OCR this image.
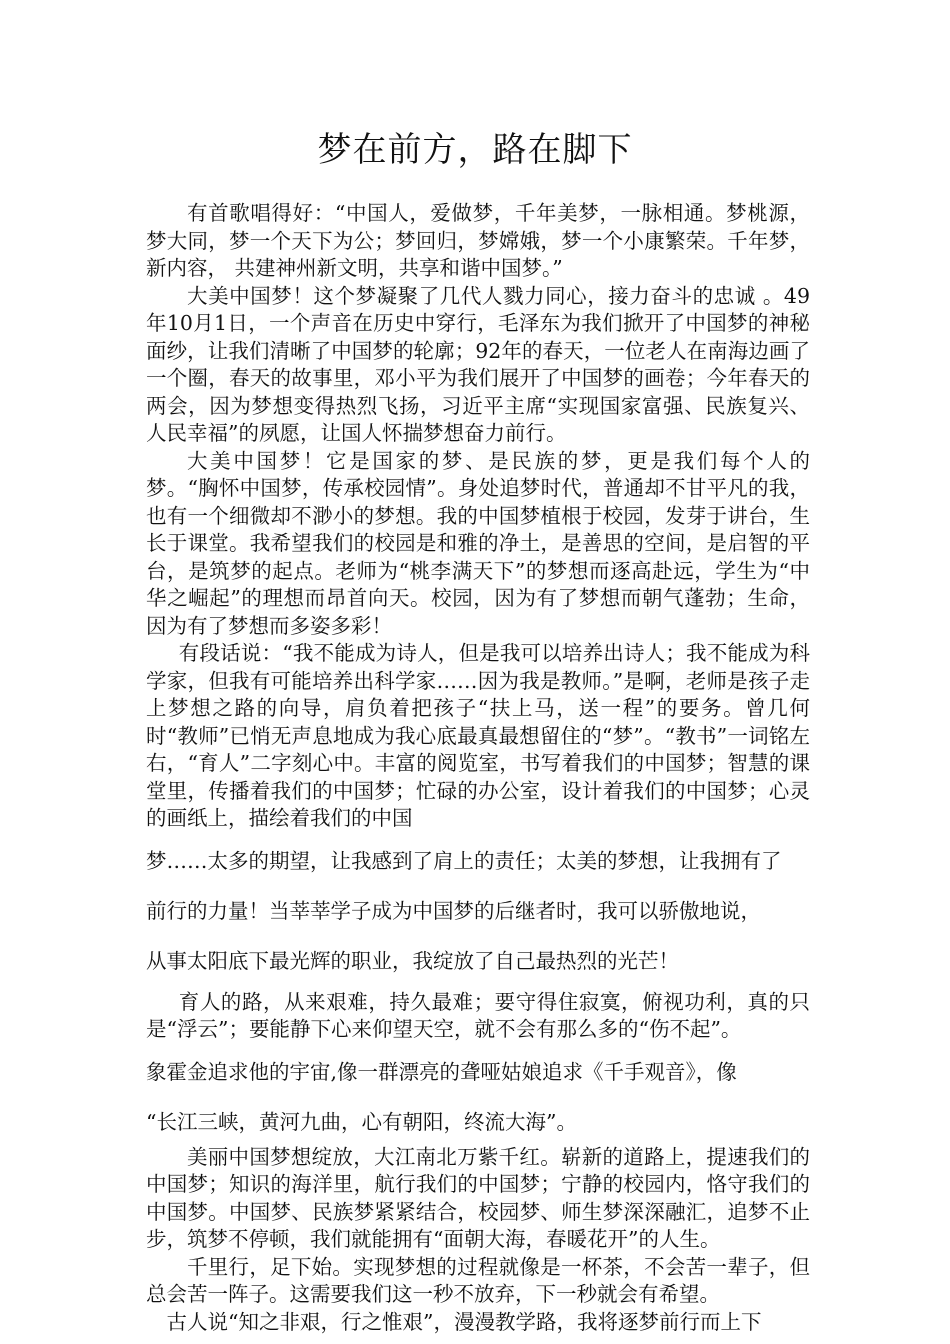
梦在前方，路在脚下

有首歌唱得好：“中国人，爱做梦，千年美梦，一脉相通。梦桃源，梦大同，梦一个天下为公；梦回归，梦嫦娥，梦一个小康繁荣。千年梦，新内容， 共建神州新文明，共享和谐中国梦。”

大美中国梦！这个梦凝聚了几代人戮力同心，接力奋斗的忠诚 。49年10月1日，一个声音在历史中穿行，毛泽东为我们掀开了中国梦的神秘面纱，让我们清晰了中国梦的轮廓；92年的春天，一位老人在南海边画了一个圈，春天的故事里，邓小平为我们展开了中国梦的画卷；今年春天的两会，因为梦想变得热烈飞扬，习近平主席“实现国家富强、民族复兴、人民幸福”的夙愿，让国人怀揣梦想奋力前行。

大美中国梦！它是国家的梦、是民族的梦，更是我们每个人的梦。“胸怀中国梦，传承校园情”。身处追梦时代，普通却不甘平凡的我，也有一个细微却不渺小的梦想。我的中国梦植根于校园，发芽于讲台，生长于课堂。我希望我们的校园是和雅的净土，是善思的空间，是启智的平台，是筑梦的起点。老师为“桃李满天下”的梦想而逐高赴远，学生为“中华之崛起”的理想而昂首向天。校园，因为有了梦想而朝气蓬勃；生命，因为有了梦想而多姿多彩！

有段话说：“我不能成为诗人，但是我可以培养出诗人；我不能成为科学家，但我有可能培养出科学家……因为我是教师。”是啊，老师是孩子走上梦想之路的向导，肩负着把孩子“扶上马，送一程”的要务。曾几何时“教师”已悄无声息地成为我心底最真最想留住的“梦”。“教书”一词铭左右，“育人”二字刻心中。丰富的阅览室，书写着我们的中国梦；智慧的课堂里，传播着我们的中国梦；忙碌的办公室，设计着我们的中国梦；心灵的画纸上，描绘着我们的中国

梦……太多的期望，让我感到了肩上的责任；太美的梦想，让我拥有了
前行的力量！当莘莘学子成为中国梦的后继者时，我可以骄傲地说，
从事太阳底下最光辉的职业，我绽放了自己最热烈的光芒！

育人的路，从来艰难，持久最难；要守得住寂寞，俯视功利，真的只是“浮云”；要能静下心来仰望天空，就不会有那么多的“伤不起”。

象霍金追求他的宇宙,像一群漂亮的聋哑姑娘追求《千手观音》，像
“长江三峡，黄河九曲，心有朝阳，终流大海”。

美丽中国梦想绽放，大江南北万紫千红。崭新的道路上，提速我们的中国梦；知识的海洋里，航行我们的中国梦；宁静的校园内，恪守我们的中国梦。中国梦、民族梦紧紧结合，校园梦、师生梦深深融汇，追梦不止步，筑梦不停顿，我们就能拥有“面朝大海，春暖花开”的人生。

千里行，足下始。实现梦想的过程就像是一杯茶，不会苦一辈子，但总会苦一阵子。这需要我们这一秒不放弃，下一秒就会有希望。

古人说“知之非艰，行之惟艰”，漫漫教学路，我将逐梦前行而上下
